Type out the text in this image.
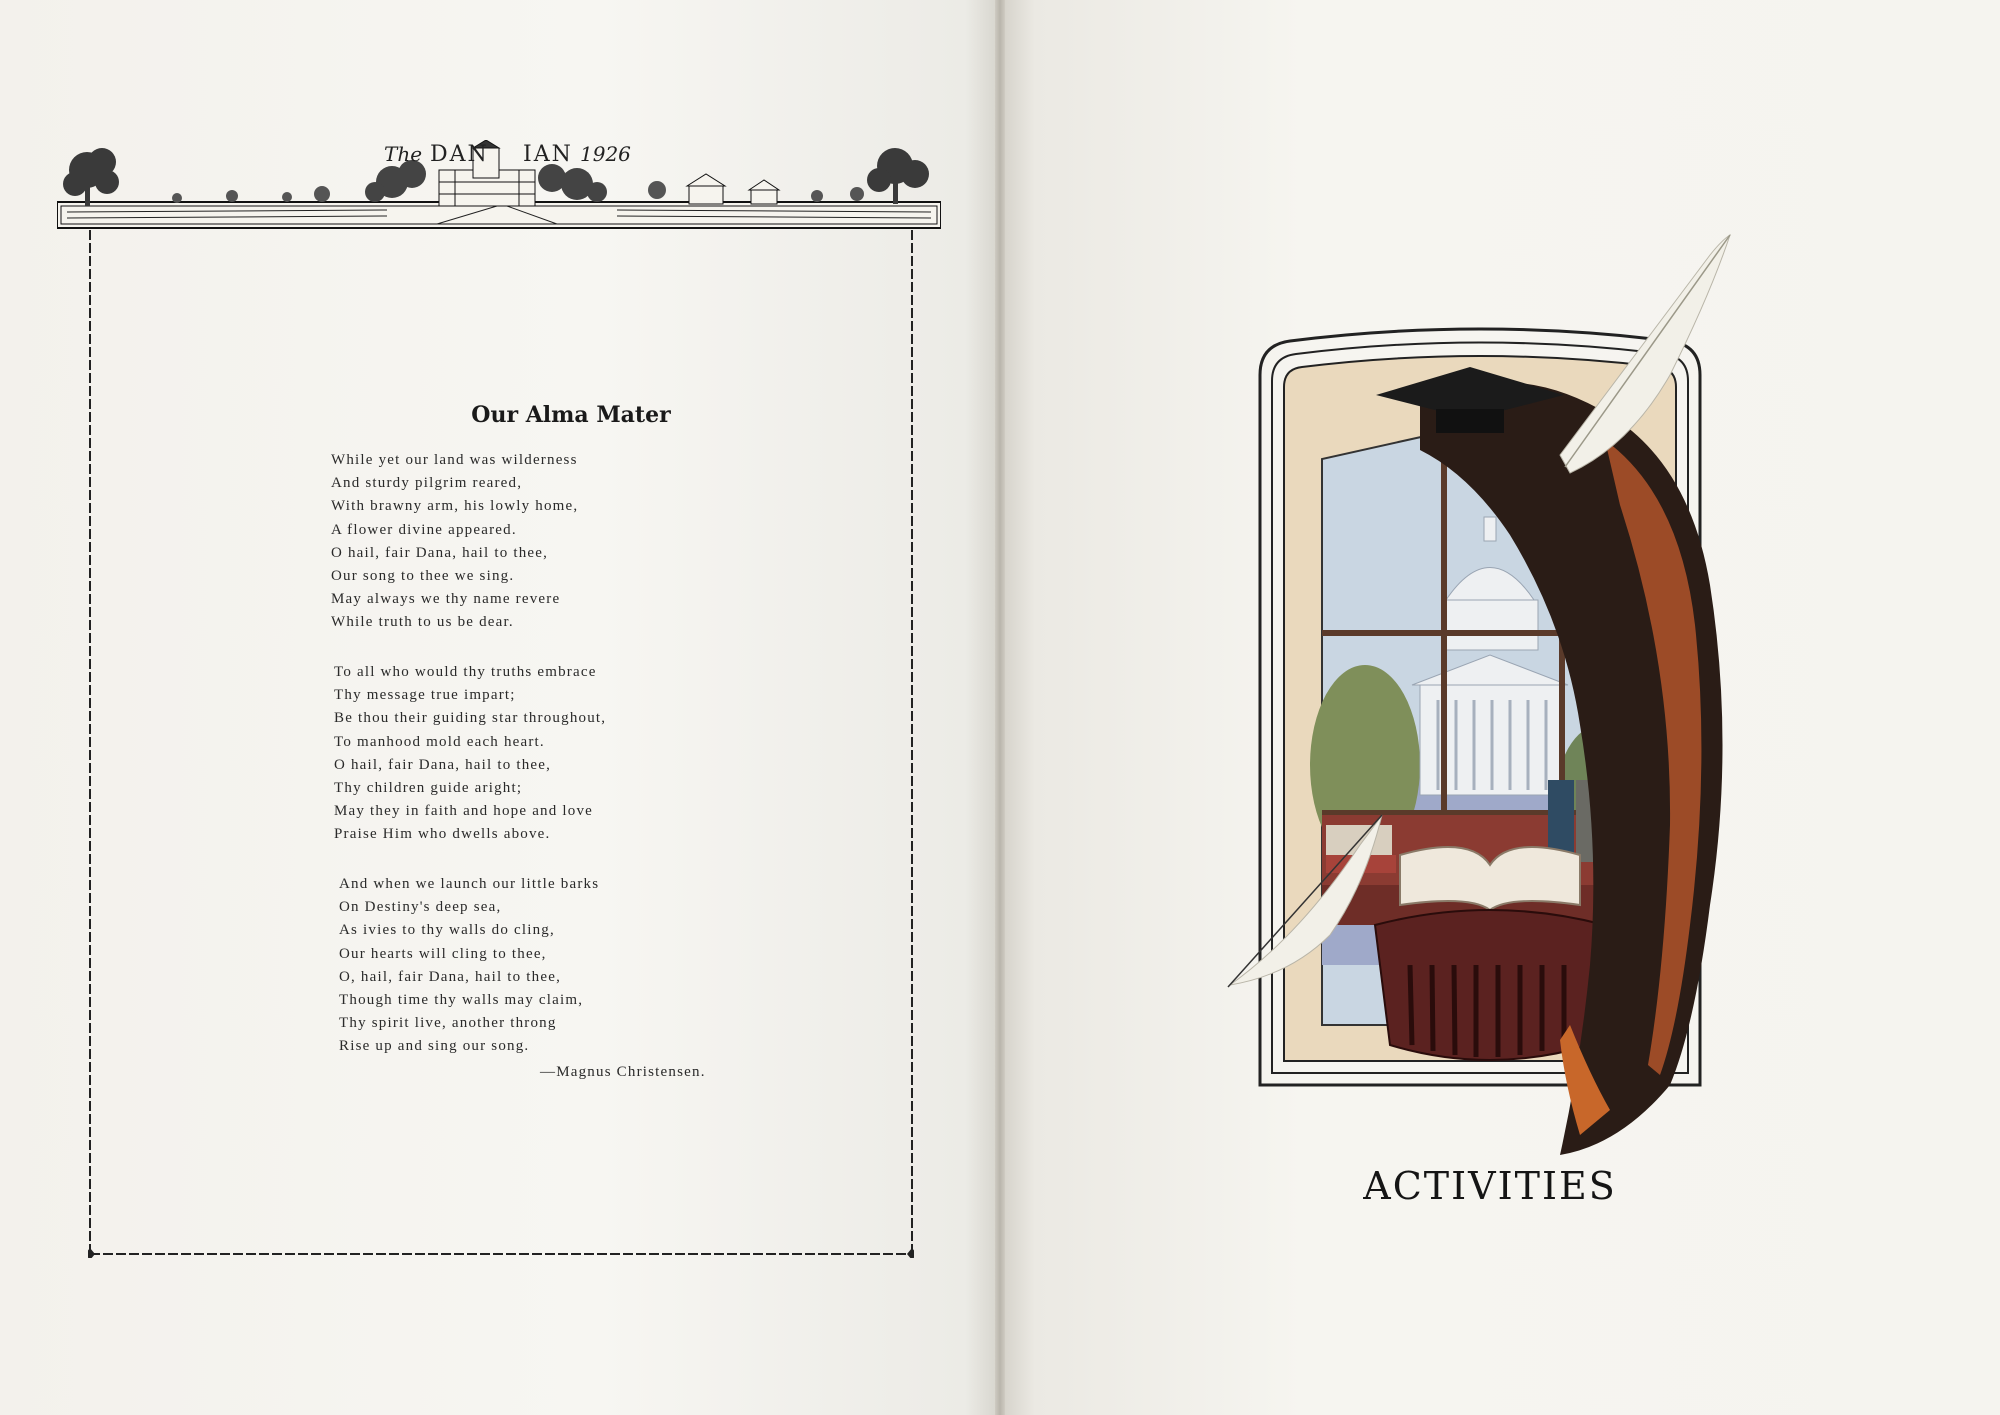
The DAN IAN 1926
Our Alma Mater
While yet our land was wilderness
And sturdy pilgrim reared,
With brawny arm, his lowly home,
A flower divine appeared.
O hail, fair Dana, hail to thee,
Our song to thee we sing.
May always we thy name revere
While truth to us be dear.
To all who would thy truths embrace
Thy message true impart;
Be thou their guiding star throughout,
To manhood mold each heart.
O hail, fair Dana, hail to thee,
Thy children guide aright;
May they in faith and hope and love
Praise Him who dwells above.
And when we launch our little barks
On Destiny's deep sea,
As ivies to thy walls do cling,
Our hearts will cling to thee,
O, hail, fair Dana, hail to thee,
Though time thy walls may claim,
Thy spirit live, another throng
Rise up and sing our song.
—Magnus Christensen.
ACTIVITIES
